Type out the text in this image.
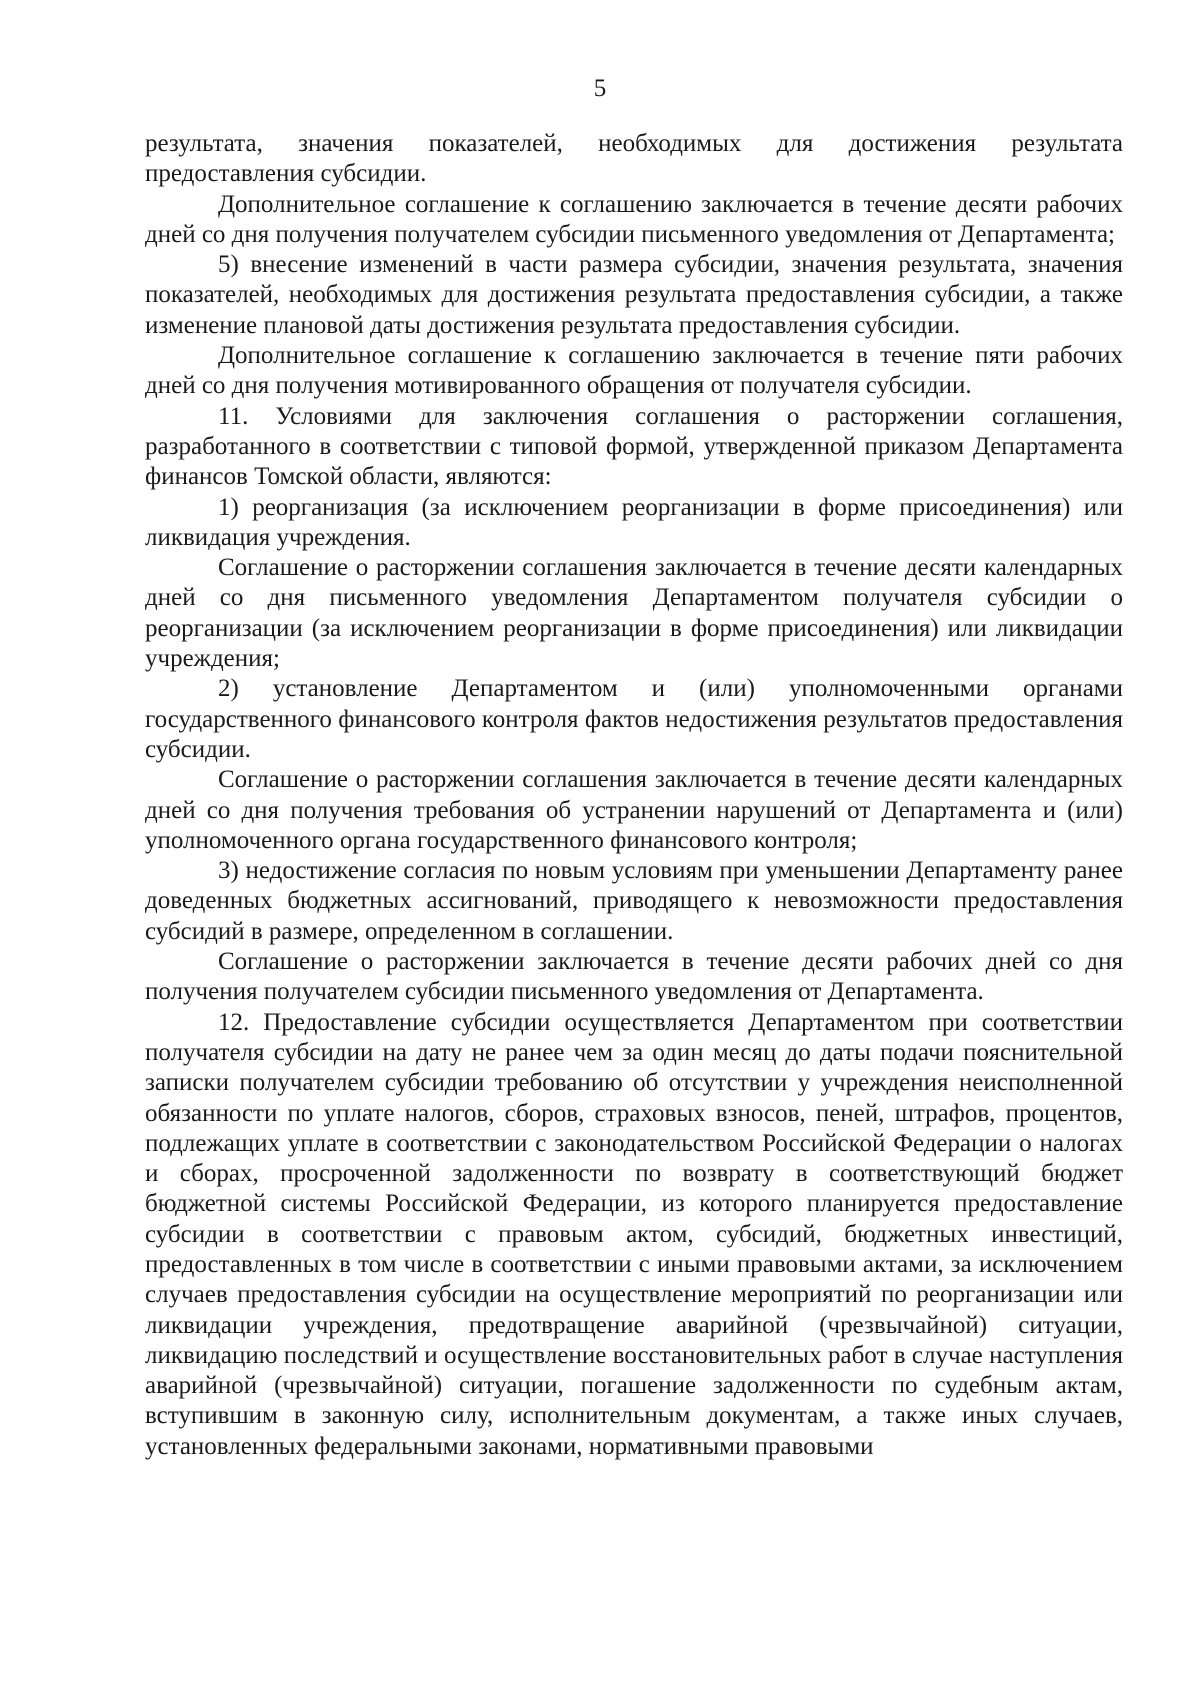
5

результата, значения показателей, необходимых для достижения результата предоставления субсидии.

Дополнительное соглашение к соглашению заключается в течение десяти рабочих дней со дня получения получателем субсидии письменного уведомления от Департамента;

5) внесение изменений в части размера субсидии, значения результата, значения показателей, необходимых для достижения результата предоставления субсидии, а также изменение плановой даты достижения результата предоставления субсидии.

Дополнительное соглашение к соглашению заключается в течение пяти рабочих дней со дня получения мотивированного обращения от получателя субсидии.

11. Условиями для заключения соглашения о расторжении соглашения, разработанного в соответствии с типовой формой, утвержденной приказом Департамента финансов Томской области, являются:

1) реорганизация (за исключением реорганизации в форме присоединения) или ликвидация учреждения.

Соглашение о расторжении соглашения заключается в течение десяти календарных дней со дня письменного уведомления Департаментом получателя субсидии о реорганизации (за исключением реорганизации в форме присоединения) или ликвидации учреждения;

2) установление Департаментом и (или) уполномоченными органами государственного финансового контроля фактов недостижения результатов предоставления субсидии.

Соглашение о расторжении соглашения заключается в течение десяти календарных дней со дня получения требования об устранении нарушений от Департамента и (или) уполномоченного органа государственного финансового контроля;

3) недостижение согласия по новым условиям при уменьшении Департаменту ранее доведенных бюджетных ассигнований, приводящего к невозможности предоставления субсидий в размере, определенном в соглашении.

Соглашение о расторжении заключается в течение десяти рабочих дней со дня получения получателем субсидии письменного уведомления от Департамента.

12. Предоставление субсидии осуществляется Департаментом при соответствии получателя субсидии на дату не ранее чем за один месяц до даты подачи пояснительной записки получателем субсидии требованию об отсутствии у учреждения неисполненной обязанности по уплате налогов, сборов, страховых взносов, пеней, штрафов, процентов, подлежащих уплате в соответствии с законодательством Российской Федерации о налогах и сборах, просроченной задолженности по возврату в соответствующий бюджет бюджетной системы Российской Федерации, из которого планируется предоставление субсидии в соответствии с правовым актом, субсидий, бюджетных инвестиций, предоставленных в том числе в соответствии с иными правовыми актами, за исключением случаев предоставления субсидии на осуществление мероприятий по реорганизации или ликвидации учреждения, предотвращение аварийной (чрезвычайной) ситуации, ликвидацию последствий и осуществление восстановительных работ в случае наступления аварийной (чрезвычайной) ситуации, погашение задолженности по судебным актам, вступившим в законную силу, исполнительным документам, а также иных случаев, установленных федеральными законами, нормативными правовыми
